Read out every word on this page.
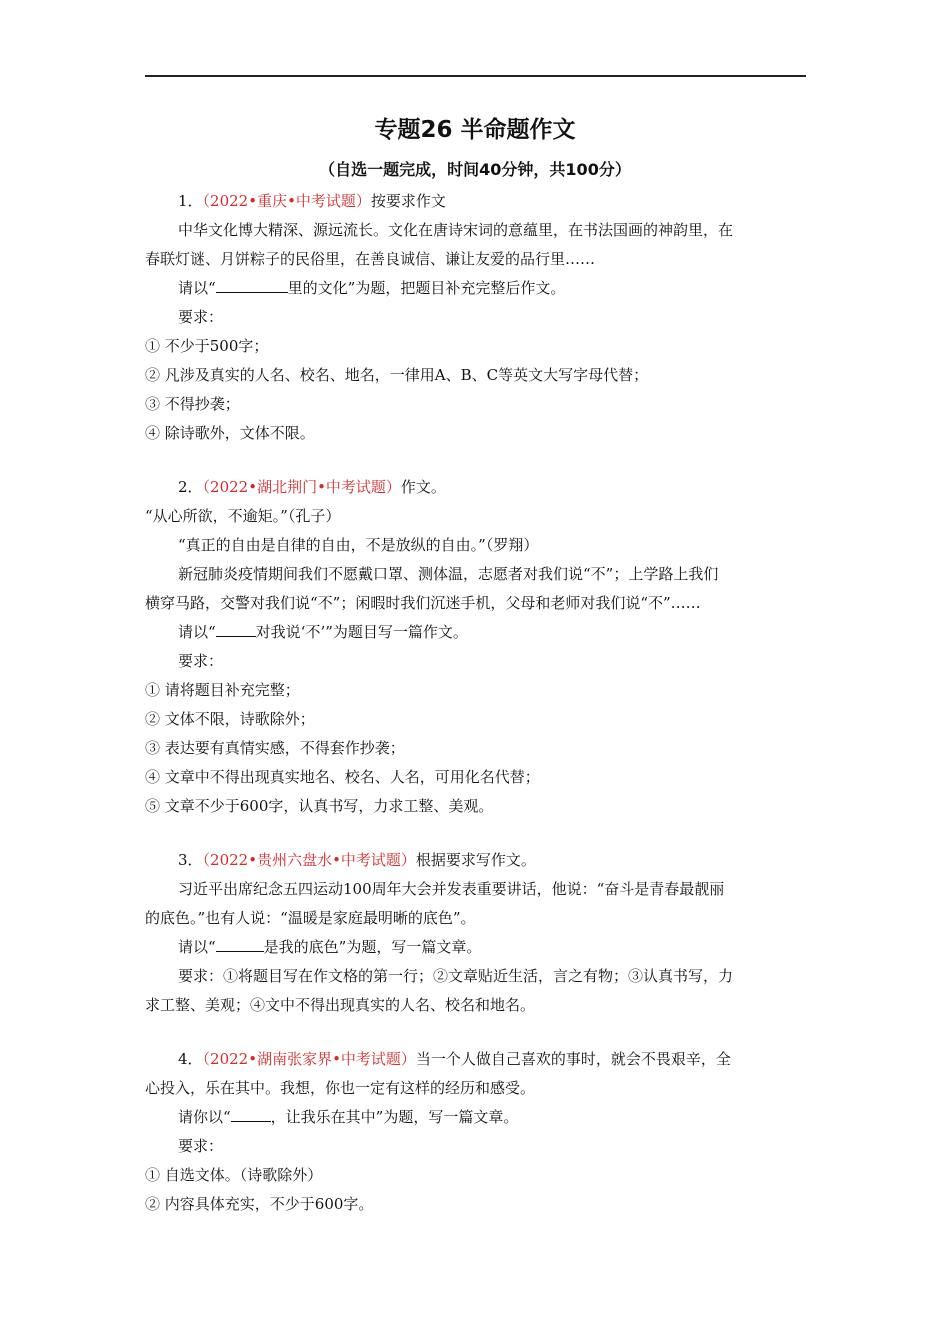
专题26 半命题作文
（自选一题完成，时间40分钟，共100分）
1．（2022•重庆•中考试题）按要求作文
中华文化博大精深、源远流长。文化在唐诗宋词的意蕴里，在书法国画的神韵里，在
春联灯谜、月饼粽子的民俗里，在善良诚信、谦让友爱的品行里……
请以“	里的文化”为题，把题目补充完整后作文。
要求：
① 不少于500字；
② 凡涉及真实的人名、校名、地名，一律用A、B、C等英文大写字母代替；
③ 不得抄袭；
④ 除诗歌外，文体不限。
2．（2022•湖北荆门•中考试题）作文。
“从心所欲，不逾矩。”（孔子）
“真正的自由是自律的自由，不是放纵的自由。”（罗翔）
新冠肺炎疫情期间我们不愿戴口罩、测体温，志愿者对我们说“不”；上学路上我们
横穿马路，交警对我们说“不”；闲暇时我们沉迷手机，父母和老师对我们说“不”……
请以“	对我说‘不’”为题目写一篇作文。
要求：
① 请将题目补充完整；
② 文体不限，诗歌除外；
③ 表达要有真情实感，不得套作抄袭；
④ 文章中不得出现真实地名、校名、人名，可用化名代替；
⑤ 文章不少于600字，认真书写，力求工整、美观。
3．（2022•贵州六盘水•中考试题）根据要求写作文。
习近平出席纪念五四运动100周年大会并发表重要讲话，他说：“奋斗是青春最靓丽
的底色。”也有人说：“温暖是家庭最明晰的底色”。
请以“	是我的底色”为题，写一篇文章。
要求：①将题目写在作文格的第一行；②文章贴近生活，言之有物；③认真书写，力
求工整、美观；④文中不得出现真实的人名、校名和地名。
4．（2022•湖南张家界•中考试题）当一个人做自己喜欢的事时，就会不畏艰辛，全
心投入，乐在其中。我想，你也一定有这样的经历和感受。
请你以“	，让我乐在其中”为题，写一篇文章。
要求：
① 自选文体。（诗歌除外）
② 内容具体充实，不少于600字。
